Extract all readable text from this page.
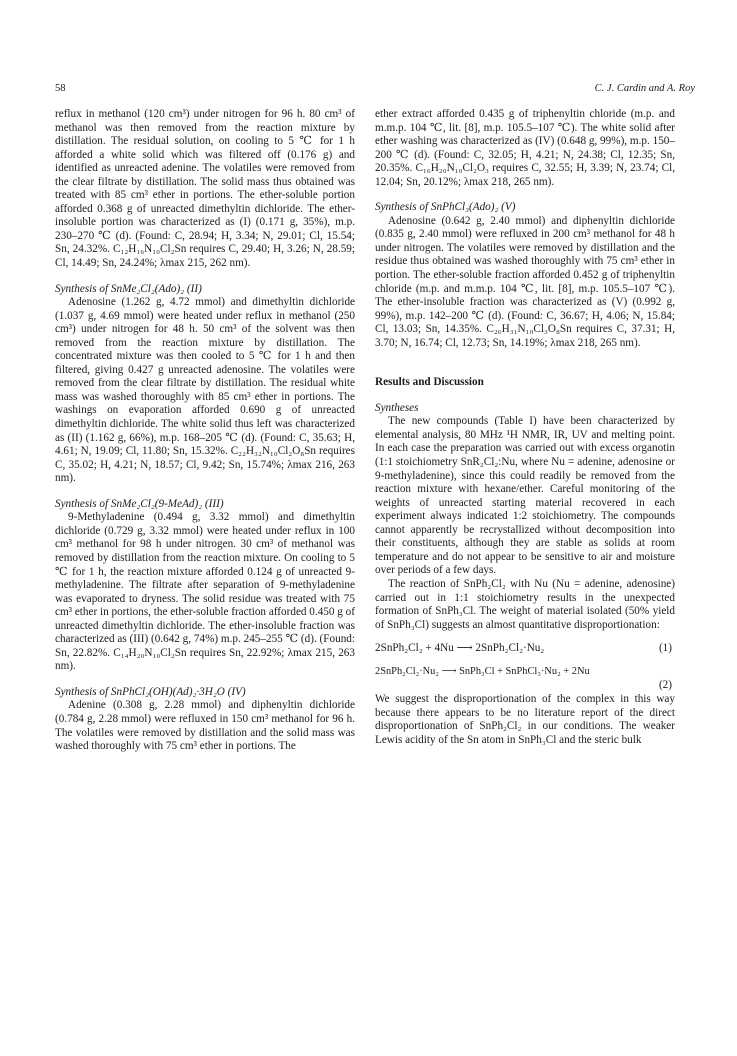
58	C. J. Cardin and A. Roy

reflux in methanol (120 cm³) under nitrogen for 96 h. 80 cm³ of methanol was then removed from the reaction mixture by distillation. The residual solution, on cooling to 5 ℃ for 1 h afforded a white solid which was filtered off (0.176 g) and identified as unreacted adenine. The volatiles were removed from the clear filtrate by distillation. The solid mass thus obtained was treated with 85 cm³ ether in portions. The ether-soluble portion afforded 0.368 g of unreacted dimethyltin dichloride. The ether-insoluble portion was characterized as (I) (0.171 g, 35%), m.p. 230–270 ℃ (d). (Found: C, 28.94; H, 3.34; N, 29.01; Cl, 15.54; Sn, 24.32%. C₁₂H₁₆N₁₀Cl₂Sn requires C, 29.40; H, 3.26; N, 28.59; Cl, 14.49; Sn, 24.24%; λmax 215, 262 nm).

Synthesis of SnMe₂Cl₂(Ado)₂ (II)

Adenosine (1.262 g, 4.72 mmol) and dimethyltin dichloride (1.037 g, 4.69 mmol) were heated under reflux in methanol (250 cm³) under nitrogen for 48 h. 50 cm³ of the solvent was then removed from the reaction mixture by distillation. The concentrated mixture was then cooled to 5 ℃ for 1 h and then filtered, giving 0.427 g unreacted adenosine. The volatiles were removed from the clear filtrate by distillation. The residual white mass was washed thoroughly with 85 cm³ ether in portions. The washings on evaporation afforded 0.690 g of unreacted dimethyltin dichloride. The white solid thus left was characterized as (II) (1.162 g, 66%), m.p. 168–205 ℃ (d). (Found: C, 35.63; H, 4.61; N, 19.09; Cl, 11.80; Sn, 15.32%. C₂₂H₃₂N₁₀Cl₂O₈Sn requires C, 35.02; H, 4.21; N, 18.57; Cl, 9.42; Sn, 15.74%; λmax 216, 263 nm).

Synthesis of SnMe₂Cl₂(9-MeAd)₂ (III)

9-Methyladenine (0.494 g, 3.32 mmol) and dimethyltin dichloride (0.729 g, 3.32 mmol) were heated under reflux in 100 cm³ methanol for 98 h under nitrogen. 30 cm³ of methanol was removed by distillation from the reaction mixture. On cooling to 5 ℃ for 1 h, the reaction mixture afforded 0.124 g of unreacted 9-methyladenine. The filtrate after separation of 9-methyladenine was evaporated to dryness. The solid residue was treated with 75 cm³ ether in portions, the ether-soluble fraction afforded 0.450 g of unreacted dimethyltin dichloride. The ether-insoluble fraction was characterized as (III) (0.642 g, 74%) m.p. 245–255 ℃ (d). (Found: Sn, 22.82%. C₁₄H₂₀N₁₀Cl₂Sn requires Sn, 22.92%; λmax 215, 263 nm).

Synthesis of SnPhCl₂(OH)(Ad)₂·3H₂O (IV)

Adenine (0.308 g, 2.28 mmol) and diphenyltin dichloride (0.784 g, 2.28 mmol) were refluxed in 150 cm³ methanol for 96 h. The volatiles were removed by distillation and the solid mass was washed thoroughly with 75 cm³ ether in portions. The

ether extract afforded 0.435 g of triphenyltin chloride (m.p. and m.m.p. 104 ℃, lit. [8], m.p. 105.5–107 ℃). The white solid after ether washing was characterized as (IV) (0.648 g, 99%), m.p. 150–200 ℃ (d). (Found: C, 32.05; H, 4.21; N, 24.38; Cl, 12.35; Sn, 20.35%. C₁₆H₂₀N₁₀Cl₂O₃ requires C, 32.55; H, 3.39; N, 23.74; Cl, 12.04; Sn, 20.12%; λmax 218, 265 nm).

Synthesis of SnPhCl₃(Ado)₂ (V)

Adenosine (0.642 g, 2.40 mmol) and diphenyltin dichloride (0.835 g, 2.40 mmol) were refluxed in 200 cm³ methanol for 48 h under nitrogen. The volatiles were removed by distillation and the residue thus obtained was washed thoroughly with 75 cm³ ether in portion. The ether-soluble fraction afforded 0.452 g of triphenyltin chloride (m.p. and m.m.p. 104 ℃, lit. [8], m.p. 105.5–107 ℃). The ether-insoluble fraction was characterized as (V) (0.992 g, 99%), m.p. 142–200 ℃ (d). (Found: C, 36.67; H, 4.06; N, 15.84; Cl, 13.03; Sn, 14.35%. C₂₆H₃₁N₁₀Cl₃O₈Sn requires C, 37.31; H, 3.70; N, 16.74; Cl, 12.73; Sn, 14.19%; λmax 218, 265 nm).

Results and Discussion
Syntheses

The new compounds (Table I) have been characterized by elemental analysis, 80 MHz ¹H NMR, IR, UV and melting point. In each case the preparation was carried out with excess organotin (1:1 stoichiometry SnR₂Cl₂:Nu, where Nu = adenine, adenosine or 9-methyladenine), since this could readily be removed from the reaction mixture with hexane/ether. Careful monitoring of the weights of unreacted starting material recovered in each experiment always indicated 1:2 stoichiometry. The compounds cannot apparently be recrystallized without decomposition into their constituents, although they are stable as solids at room temperature and do not appear to be sensitive to air and moisture over periods of a few days.

The reaction of SnPh₂Cl₂ with Nu (Nu = adenine, adenosine) carried out in 1:1 stoichiometry results in the unexpected formation of SnPh₃Cl. The weight of material isolated (50% yield of SnPh₃Cl) suggests an almost quantitative disproportionation:

2SnPh₂Cl₂ + 4Nu ⟶ 2SnPh₂Cl₂·Nu₂	(1)
2SnPh₂Cl₂·Nu₂ ⟶ SnPh₃Cl + SnPhCl₃·Nu₂ + 2Nu
(2)

We suggest the disproportionation of the complex in this way because there appears to be no literature report of the direct disproportionation of SnPh₂Cl₂ in our conditions. The weaker Lewis acidity of the Sn atom in SnPh₃Cl and the steric bulk
